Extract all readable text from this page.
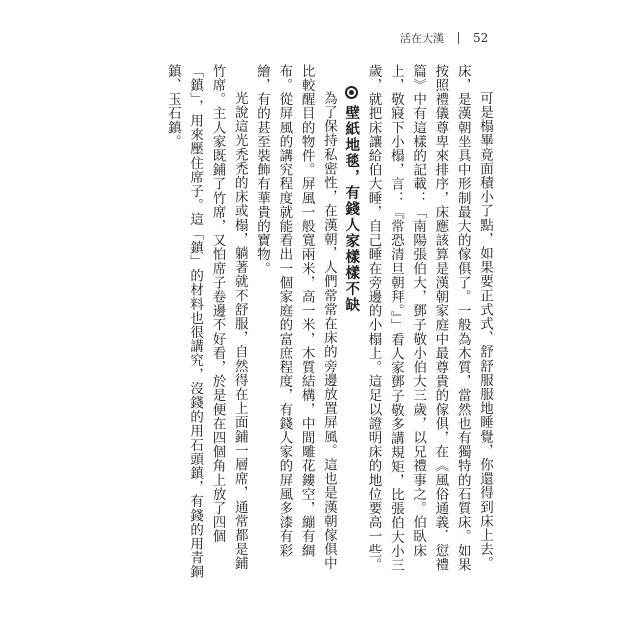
活在大漢 52

可是榻畢竟面積小了點，如果要正式式、舒舒服服地睡覺，你還得到床上去。床，是漢朝坐具中形制最大的傢俱了。一般為木質，當然也有獨特的石質床。如果按照禮儀尊卑來排序，床應該算是漢朝家庭中最尊貴的傢俱，在《風俗通義．愆禮篇》中有這樣的記載：「南陽張伯大，鄧子敬小伯大三歲，以兄禮事之。伯臥床上，敬寢下小榻，言：『常恐清旦朝拜。』」看人家鄧子敬多講規矩，比張伯大小三歲，就把床讓給伯大睡，自己睡在旁邊的小榻上。這足以證明床的地位要高一些。

壁紙地毯，有錢人家樣樣不缺

為了保持私密性，在漢朝，人們常常在床的旁邊放置屏風。這也是漢朝傢俱中比較醒目的物件。屏風一般寬兩米，高一米，木質結構，中間雕花鏤空，繃有綢布。從屏風的講究程度就能看出一個家庭的富庶程度，有錢人家的屏風多漆有彩繪，有的甚至裝飾有華貴的寶物。

光說這光禿禿的床或榻，躺著就不舒服，自然得在上面鋪一層席，通常都是鋪竹席。主人家既鋪了竹席，又怕席子卷邊不好看，於是便在四個角上放了四個「鎮」，用來壓住席子。這「鎮」的材料也很講究，沒錢的用石頭鎮，有錢的用青銅鎮、玉石鎮。
